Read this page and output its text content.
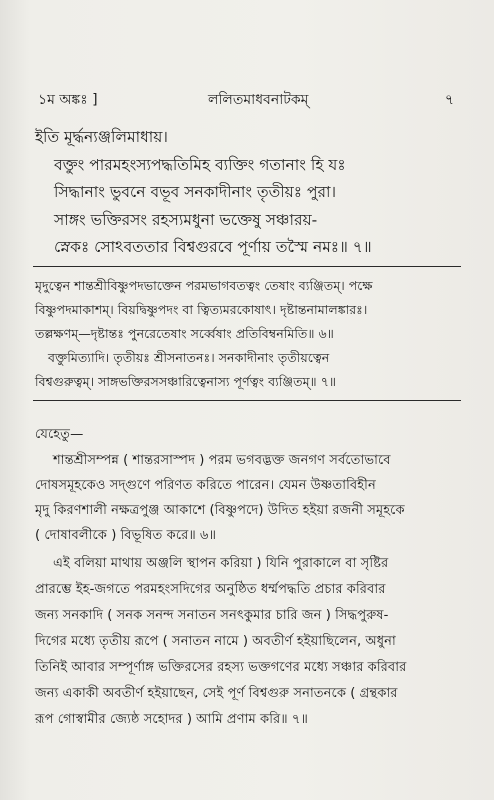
১ম অঙ্কঃ ]	ললিতমাধবনাটকম্	৭
ইতি মূর্দ্ধন্যঞ্জলিমাধায়।
বক্তুং পারমহংস্যপদ্ধতিমিহ ব্যক্তিং গতানাং হি যঃ
সিদ্ধানাং ভুবনে বভূব সনকাদীনাং তৃতীয়ঃ পুরা।
সাঙ্গং ভক্তিরসং রহস্যমধুনা ভক্তেষু সঞ্চারয়-
স্নেকঃ সোঽবততার বিশ্বগুরবে পূর্ণায় তস্মৈ নমঃ॥ ৭॥
মৃদুত্বেন শান্তশ্রীবিষ্ণুপদভাক্তেন পরমভাগবতত্বং তেষাং ব্যঞ্জিতম্। পক্ষে
বিষ্ণুপদমাকাশম্। বিয়দ্বিষ্ণুপদং বা ত্বিত্যমরকোষাৎ। দৃষ্টান্তনামালঙ্কারঃ।
তল্লক্ষণম্—দৃষ্টান্তঃ পুনরেতেষাং সর্ব্বেষাং প্রতিবিম্বনমিতি॥ ৬॥
বক্তুমিত্যাদি। তৃতীয়ঃ শ্রীসনাতনঃ। সনকাদীনাং তৃতীয়ত্বেন
বিশ্বগুরুত্বম্। সাঙ্গভক্তিরসসঞ্চারিত্বেনাস্য পূর্ণত্বং ব্যঞ্জিতম্॥ ৭॥
যেহেতু—
শান্তশ্রীসম্পন্ন ( শান্তরসাস্পদ ) পরম ভগবদ্ভক্ত জনগণ সর্বতোভাবে
দোষসমূহকেও সদ্‌গুণে পরিণত করিতে পারেন। যেমন উষ্ণতাবিহীন
মৃদু কিরণশালী নক্ষত্রপুঞ্জ আকাশে (বিষ্ণুপদে) উদিত হইয়া রজনী সমূহকে
( দোষাবলীকে ) বিভূষিত করে॥ ৬॥
এই বলিয়া মাথায় অঞ্জলি স্থাপন করিয়া ) যিনি পুরাকালে বা সৃষ্টির
প্রারম্ভে ইহ-জগতে পরমহংসদিগের অনুষ্ঠিত ধর্ম্মপদ্ধতি প্রচার করিবার
জন্য সনকাদি ( সনক সনন্দ সনাতন সনৎকুমার চারি জন ) সিদ্ধপুরুষ-
দিগের মধ্যে তৃতীয় রূপে ( সনাতন নামে ) অবতীর্ণ হইয়াছিলেন, অধুনা
তিনিই আবার সম্পূর্ণাঙ্গ ভক্তিরসের রহস্য ভক্তগণের মধ্যে সঞ্চার করিবার
জন্য একাকী অবতীর্ণ হইয়াছেন, সেই পূর্ণ বিশ্বগুরু সনাতনকে ( গ্রন্থকার
রূপ গোস্বামীর জ্যেষ্ঠ সহোদর ) আমি প্রণাম করি॥ ৭॥
